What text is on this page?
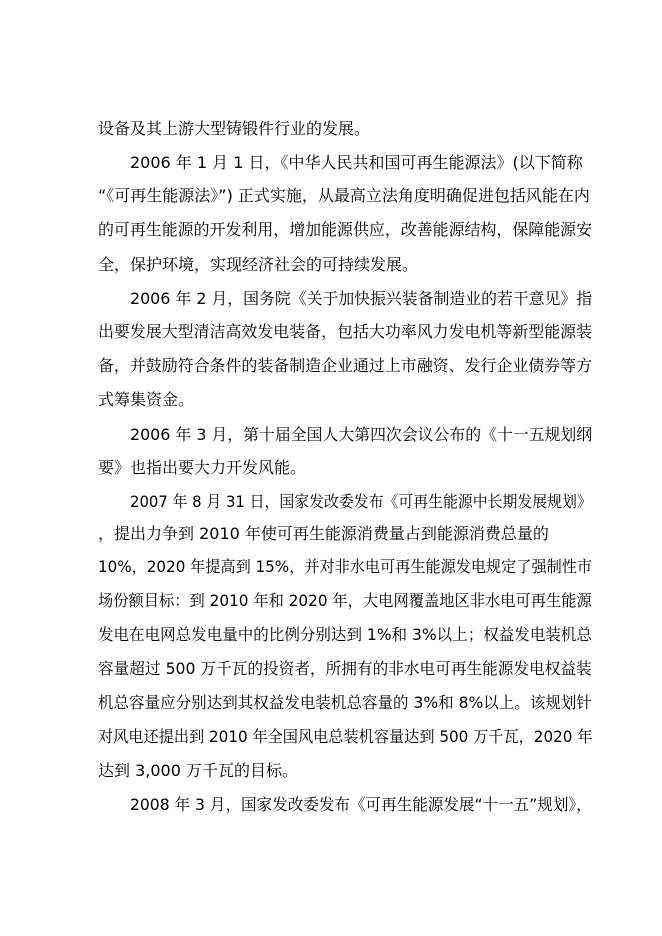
设备及其上游大型铸锻件行业的发展。
2006 年 1 月 1 日，《中华人民共和国可再生能源法》(以下简称
“《可再生能源法》”) 正式实施，从最高立法角度明确促进包括风能在内
的可再生能源的开发利用，增加能源供应，改善能源结构，保障能源安
全，保护环境，实现经济社会的可持续发展。
2006 年 2 月，国务院《关于加快振兴装备制造业的若干意见》指
出要发展大型清洁高效发电装备，包括大功率风力发电机等新型能源装
备，并鼓励符合条件的装备制造企业通过上市融资、发行企业债券等方
式筹集资金。
2006 年 3 月，第十届全国人大第四次会议公布的《十一五规划纲
要》也指出要大力开发风能。
2007 年 8 月 31 日，国家发改委发布《可再生能源中长期发展规划》
，提出力争到 2010 年使可再生能源消费量占到能源消费总量的
10%，2020 年提高到 15%，并对非水电可再生能源发电规定了强制性市
场份额目标：到 2010 年和 2020 年，大电网覆盖地区非水电可再生能源
发电在电网总发电量中的比例分别达到 1%和 3%以上；权益发电装机总
容量超过 500 万千瓦的投资者，所拥有的非水电可再生能源发电权益装
机总容量应分别达到其权益发电装机总容量的 3%和 8%以上。该规划针
对风电还提出到 2010 年全国风电总装机容量达到 500 万千瓦，2020 年
达到 3,000 万千瓦的目标。
2008 年 3 月，国家发改委发布《可再生能源发展“十一五”规划》，
